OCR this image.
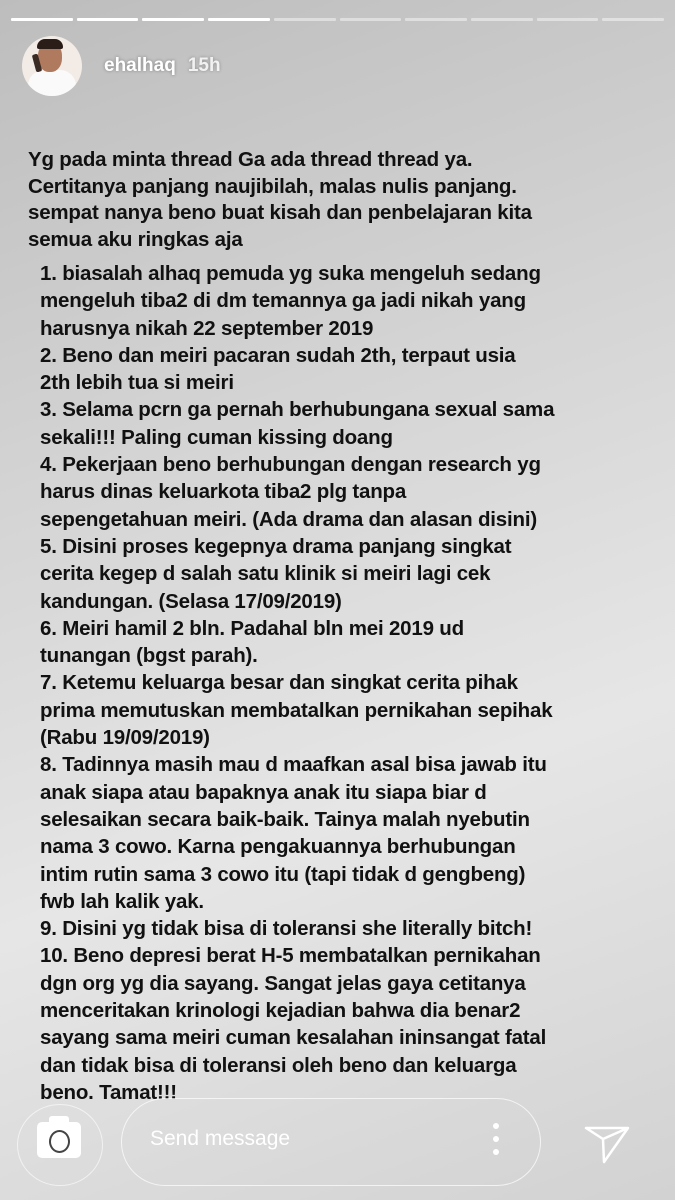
ehalhaq 15h
Yg pada minta thread Ga ada thread thread ya.
Certitanya panjang naujibilah, malas nulis panjang.
sempat nanya beno buat kisah dan penbelajaran kita
semua aku ringkas aja
1. biasalah alhaq pemuda yg suka mengeluh sedang
mengeluh tiba2 di dm temannya ga jadi nikah yang
harusnya nikah 22 september 2019
2. Beno dan meiri pacaran sudah 2th, terpaut usia
2th lebih tua si meiri
3. Selama pcrn ga pernah berhubungana sexual sama
sekali!!! Paling cuman kissing doang
4. Pekerjaan beno berhubungan dengan research yg
harus dinas keluarkota tiba2 plg tanpa
sepengetahuan meiri. (Ada drama dan alasan disini)
5. Disini proses kegepnya drama panjang singkat
cerita kegep d salah satu klinik si meiri lagi cek
kandungan. (Selasa 17/09/2019)
6. Meiri hamil 2 bln. Padahal bln mei 2019 ud
tunangan (bgst parah).
7. Ketemu keluarga besar dan singkat cerita pihak
prima memutuskan membatalkan pernikahan sepihak
(Rabu 19/09/2019)
8. Tadinnya masih mau d maafkan asal bisa jawab itu
anak siapa atau bapaknya anak itu siapa biar d
selesaikan secara baik-baik. Tainya malah nyebutin
nama 3 cowo. Karna pengakuannya berhubungan
intim rutin sama 3 cowo itu (tapi tidak d gengbeng)
fwb lah kalik yak.
9. Disini yg tidak bisa di toleransi she literally bitch!
10. Beno depresi berat H-5 membatalkan pernikahan
dgn org yg dia sayang. Sangat jelas gaya cetitanya
menceritakan krinologi kejadian bahwa dia benar2
sayang sama meiri cuman kesalahan ininsangat fatal
dan tidak bisa di toleransi oleh beno dan keluarga
beno. Tamat!!!
Send message
